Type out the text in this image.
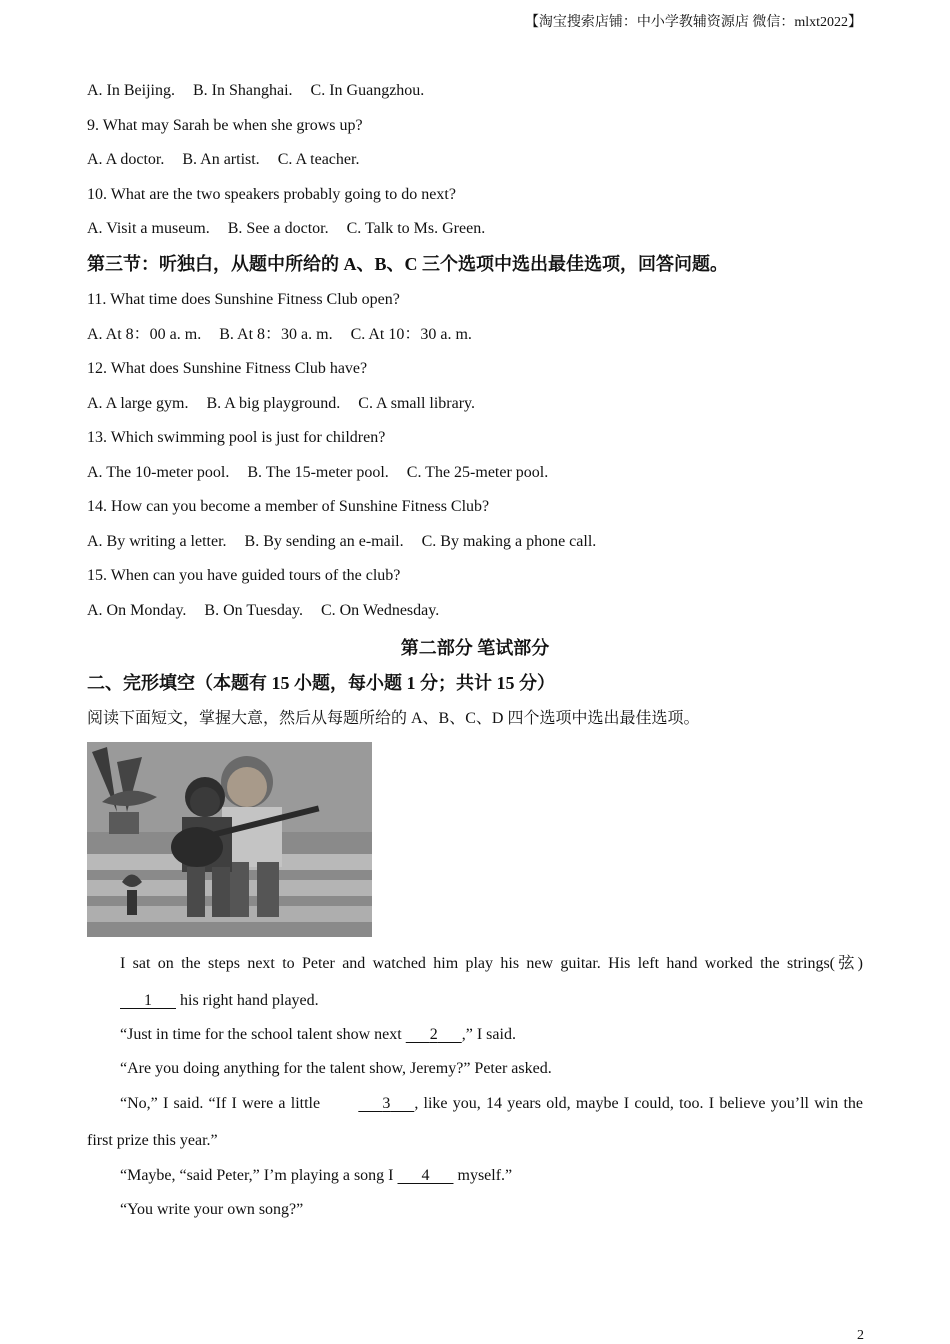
【淘宝搜索店铺：中小学教辅资源店 微信：mlxt2022】
A. In Beijing. B. In Shanghai. C. In Guangzhou.
9. What may Sarah be when she grows up?
A. A doctor. B. An artist. C. A teacher.
10. What are the two speakers probably going to do next?
A. Visit a museum. B. See a doctor. C. Talk to Ms. Green.
第三节：听独白，从题中所给的 A、B、C 三个选项中选出最佳选项，回答问题。
11. What time does Sunshine Fitness Club open?
A. At 8：00 a. m. B. At 8：30 a. m. C. At 10：30 a. m.
12. What does Sunshine Fitness Club have?
A. A large gym. B. A big playground. C. A small library.
13. Which swimming pool is just for children?
A. The 10-meter pool. B. The 15-meter pool. C. The 25-meter pool.
14. How can you become a member of Sunshine Fitness Club?
A. By writing a letter. B. By sending an e-mail. C. By making a phone call.
15. When can you have guided tours of the club?
A. On Monday. B. On Tuesday. C. On Wednesday.
第二部分 笔试部分
二、完形填空（本题有 15 小题，每小题 1 分；共计 15 分）
阅读下面短文，掌握大意，然后从每题所给的 A、B、C、D 四个选项中选出最佳选项。
I sat on the steps next to Peter and watched him play his new guitar. His left hand worked the strings(弦)       1       his right hand played.
“Just in time for the school talent show next       2 ,” I said.
“Are you doing anything for the talent show, Jeremy?” Peter asked.
“No,” I said. “If I were a little	3 , like you, 14 years old, maybe I could, too. I believe you’ll win the first prize this year.”
“Maybe, “said Peter,” I’m playing a song I       4       myself.”
“You write your own song?”
2
